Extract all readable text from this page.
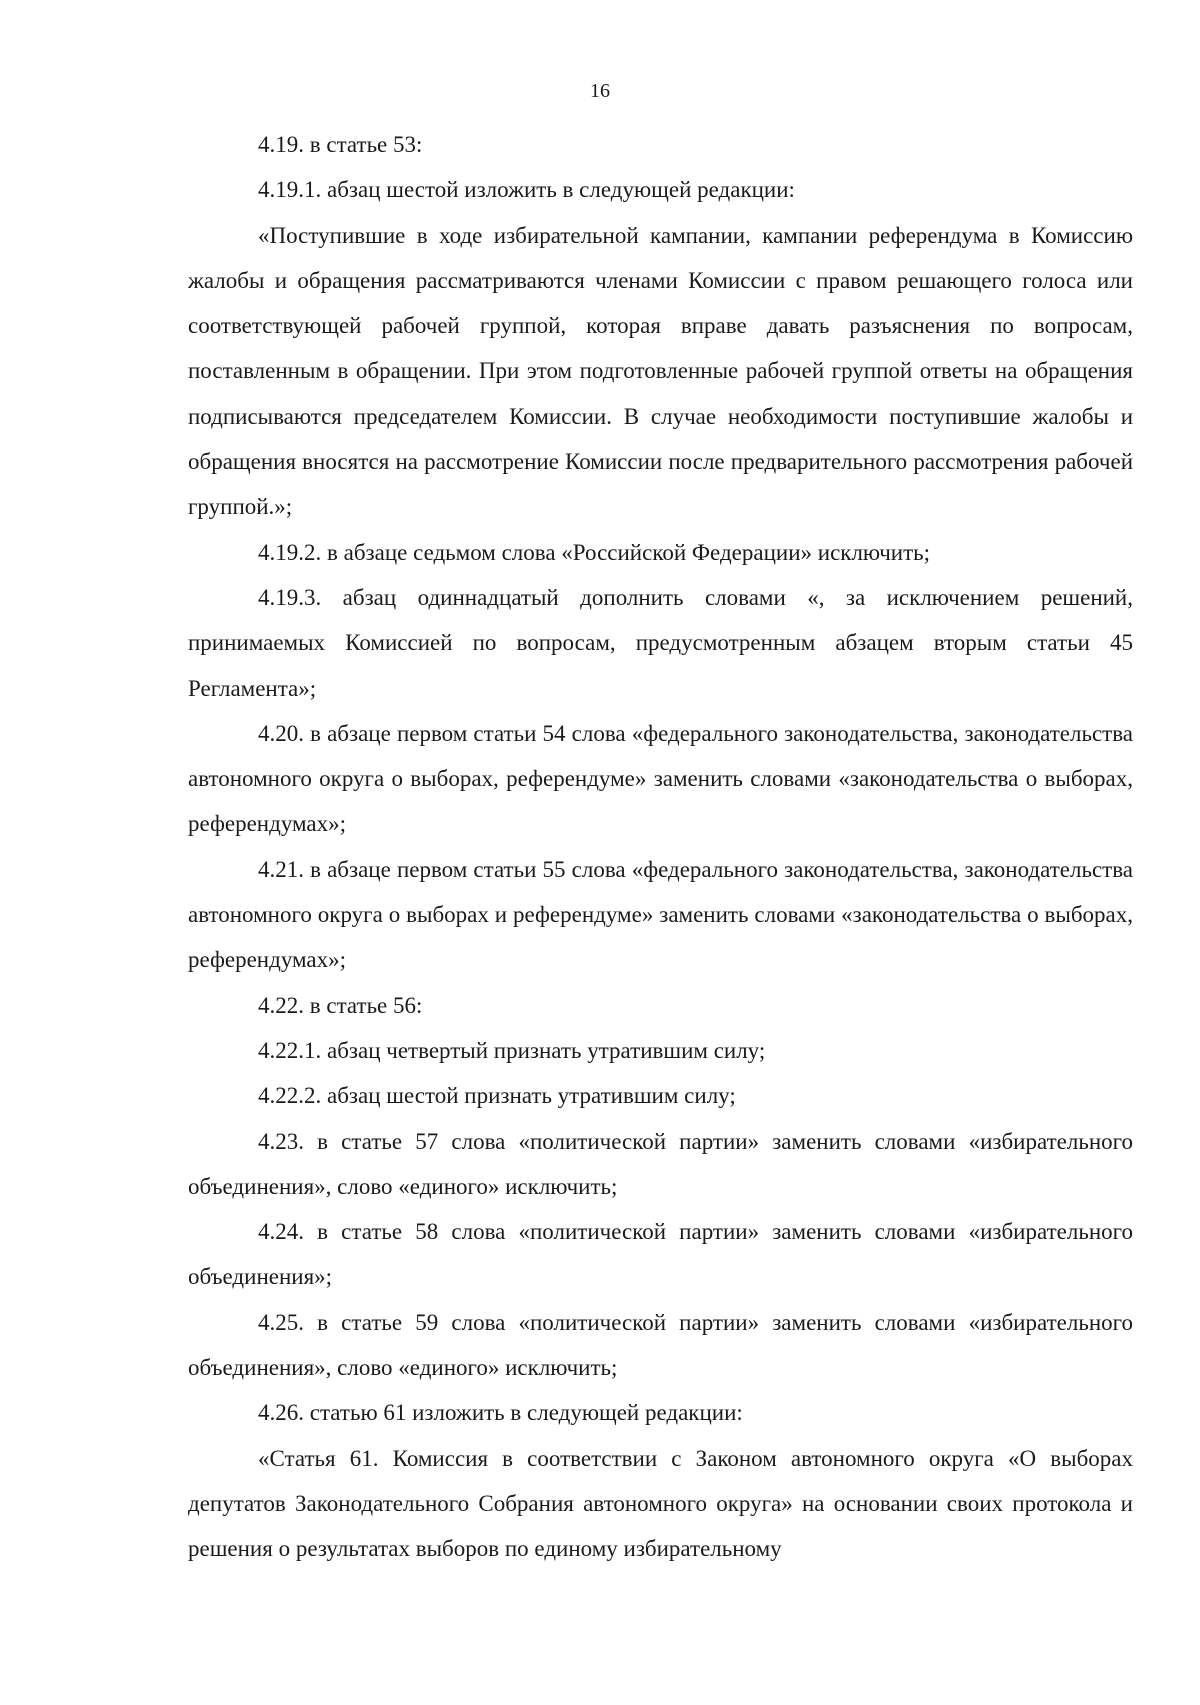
16

4.19. в статье 53:

4.19.1. абзац шестой изложить в следующей редакции:

«Поступившие в ходе избирательной кампании, кампании референдума в Комиссию жалобы и обращения рассматриваются членами Комиссии с правом решающего голоса или соответствующей рабочей группой, которая вправе давать разъяснения по вопросам, поставленным в обращении. При этом подготовленные рабочей группой ответы на обращения подписываются председателем Комиссии. В случае необходимости поступившие жалобы и обращения вносятся на рассмотрение Комиссии после предварительного рассмотрения рабочей группой.»;

4.19.2. в абзаце седьмом слова «Российской Федерации» исключить;

4.19.3. абзац одиннадцатый дополнить словами «, за исключением решений, принимаемых Комиссией по вопросам, предусмотренным абзацем вторым статьи 45 Регламента»;

4.20. в абзаце первом статьи 54 слова «федерального законодательства, законодательства автономного округа о выборах, референдуме» заменить словами «законодательства о выборах, референдумах»;

4.21. в абзаце первом статьи 55 слова «федерального законодательства, законодательства автономного округа о выборах и референдуме» заменить словами «законодательства о выборах, референдумах»;

4.22. в статье 56:

4.22.1. абзац четвертый признать утратившим силу;

4.22.2. абзац шестой признать утратившим силу;

4.23. в статье 57 слова «политической партии» заменить словами «избирательного объединения», слово «единого» исключить;

4.24. в статье 58 слова «политической партии» заменить словами «избирательного объединения»;

4.25. в статье 59 слова «политической партии» заменить словами «избирательного объединения», слово «единого» исключить;

4.26. статью 61 изложить в следующей редакции:

«Статья 61. Комиссия в соответствии с Законом автономного округа «О выборах депутатов Законодательного Собрания автономного округа» на основании своих протокола и решения о результатах выборов по единому избирательному
